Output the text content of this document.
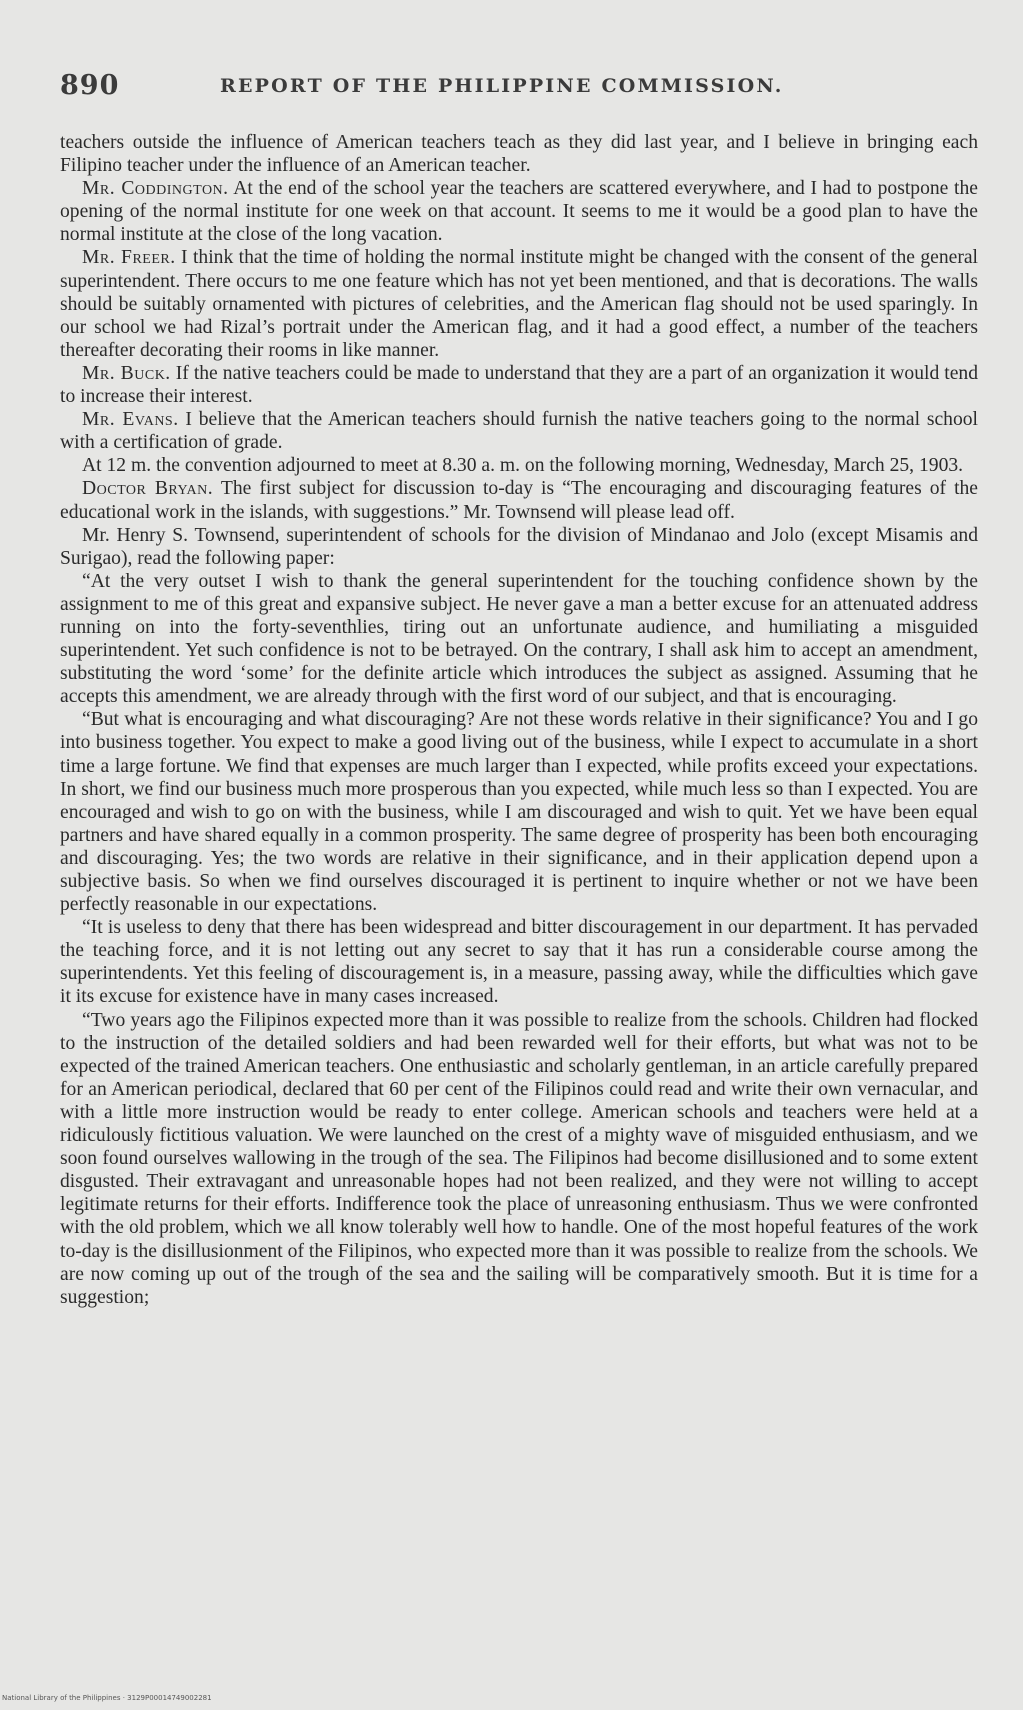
890	REPORT OF THE PHILIPPINE COMMISSION.

teachers outside the influence of American teachers teach as they did last year, and I believe in bringing each Filipino teacher under the influence of an American teacher.

Mr. Coddington. At the end of the school year the teachers are scattered everywhere, and I had to postpone the opening of the normal institute for one week on that account. It seems to me it would be a good plan to have the normal institute at the close of the long vacation.

Mr. Freer. I think that the time of holding the normal institute might be changed with the consent of the general superintendent. There occurs to me one feature which has not yet been mentioned, and that is decorations. The walls should be suitably ornamented with pictures of celebrities, and the American flag should not be used sparingly. In our school we had Rizal’s portrait under the American flag, and it had a good effect, a number of the teachers thereafter decorating their rooms in like manner.

Mr. Buck. If the native teachers could be made to understand that they are a part of an organization it would tend to increase their interest.

Mr. Evans. I believe that the American teachers should furnish the native teachers going to the normal school with a certification of grade.

At 12 m. the convention adjourned to meet at 8.30 a. m. on the following morning, Wednesday, March 25, 1903.

Doctor Bryan. The first subject for discussion to-day is “The encouraging and discouraging features of the educational work in the islands, with suggestions.” Mr. Townsend will please lead off.

Mr. Henry S. Townsend, superintendent of schools for the division of Mindanao and Jolo (except Misamis and Surigao), read the following paper:

“At the very outset I wish to thank the general superintendent for the touching confidence shown by the assignment to me of this great and expansive subject. He never gave a man a better excuse for an attenuated address running on into the forty-seventhlies, tiring out an unfortunate audience, and humiliating a misguided superintendent. Yet such confidence is not to be betrayed. On the contrary, I shall ask him to accept an amendment, substituting the word ‘some’ for the definite article which introduces the subject as assigned. Assuming that he accepts this amendment, we are already through with the first word of our subject, and that is encouraging.

“But what is encouraging and what discouraging? Are not these words relative in their significance? You and I go into business together. You expect to make a good living out of the business, while I expect to accumulate in a short time a large fortune. We find that expenses are much larger than I expected, while profits exceed your expectations. In short, we find our business much more prosperous than you expected, while much less so than I expected. You are encouraged and wish to go on with the business, while I am discouraged and wish to quit. Yet we have been equal partners and have shared equally in a common prosperity. The same degree of prosperity has been both encouraging and discouraging. Yes; the two words are relative in their significance, and in their application depend upon a subjective basis. So when we find ourselves discouraged it is pertinent to inquire whether or not we have been perfectly reasonable in our expectations.

“It is useless to deny that there has been widespread and bitter discouragement in our department. It has pervaded the teaching force, and it is not letting out any secret to say that it has run a considerable course among the superintendents. Yet this feeling of discouragement is, in a measure, passing away, while the difficulties which gave it its excuse for existence have in many cases increased.

“Two years ago the Filipinos expected more than it was possible to realize from the schools. Children had flocked to the instruction of the detailed soldiers and had been rewarded well for their efforts, but what was not to be expected of the trained American teachers. One enthusiastic and scholarly gentleman, in an article carefully prepared for an American periodical, declared that 60 per cent of the Filipinos could read and write their own vernacular, and with a little more instruction would be ready to enter college. American schools and teachers were held at a ridiculously fictitious valuation. We were launched on the crest of a mighty wave of misguided enthusiasm, and we soon found ourselves wallowing in the trough of the sea. The Filipinos had become disillusioned and to some extent disgusted. Their extravagant and unreasonable hopes had not been realized, and they were not willing to accept legitimate returns for their efforts. Indifference took the place of unreasoning enthusiasm. Thus we were confronted with the old problem, which we all know tolerably well how to handle. One of the most hopeful features of the work to-day is the disillusionment of the Filipinos, who expected more than it was possible to realize from the schools. We are now coming up out of the trough of the sea and the sailing will be comparatively smooth. But it is time for a suggestion;

National Library of the Philippines · 3129P00014749002281
